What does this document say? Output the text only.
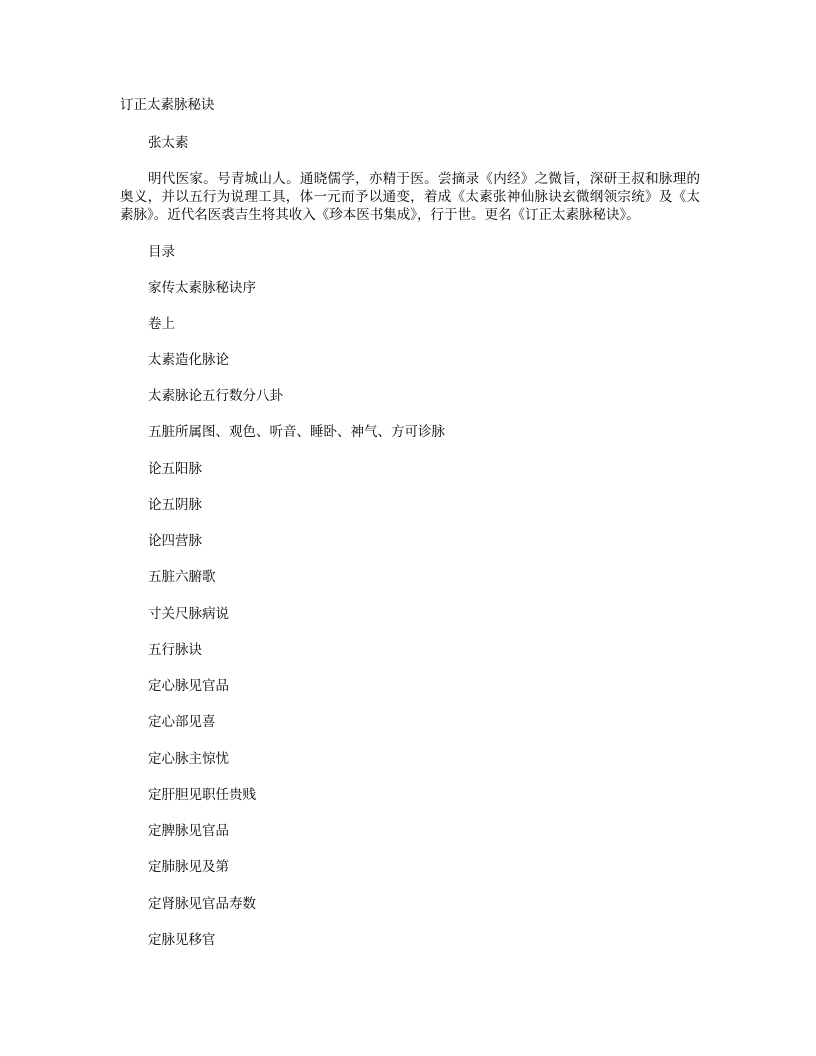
订正太素脉秘诀

张太素

明代医家。号青城山人。通晓儒学，亦精于医。尝摘录《内经》之微旨，深研王叔和脉理的奥义，并以五行为说理工具，体一元而予以通变，着成《太素张神仙脉诀玄微纲领宗统》及《太素脉》。近代名医裘吉生将其收入《珍本医书集成》，行于世。更名《订正太素脉秘诀》。

目录

家传太素脉秘诀序

卷上

太素造化脉论

太素脉论五行数分八卦

五脏所属图、观色、听音、睡卧、神气、方可诊脉

论五阳脉

论五阴脉

论四营脉

五脏六腑歌

寸关尺脉病说

五行脉诀

定心脉见官品

定心部见喜

定心脉主惊忧

定肝胆见职任贵贱

定脾脉见官品

定肺脉见及第

定肾脉见官品寿数

定脉见移官
